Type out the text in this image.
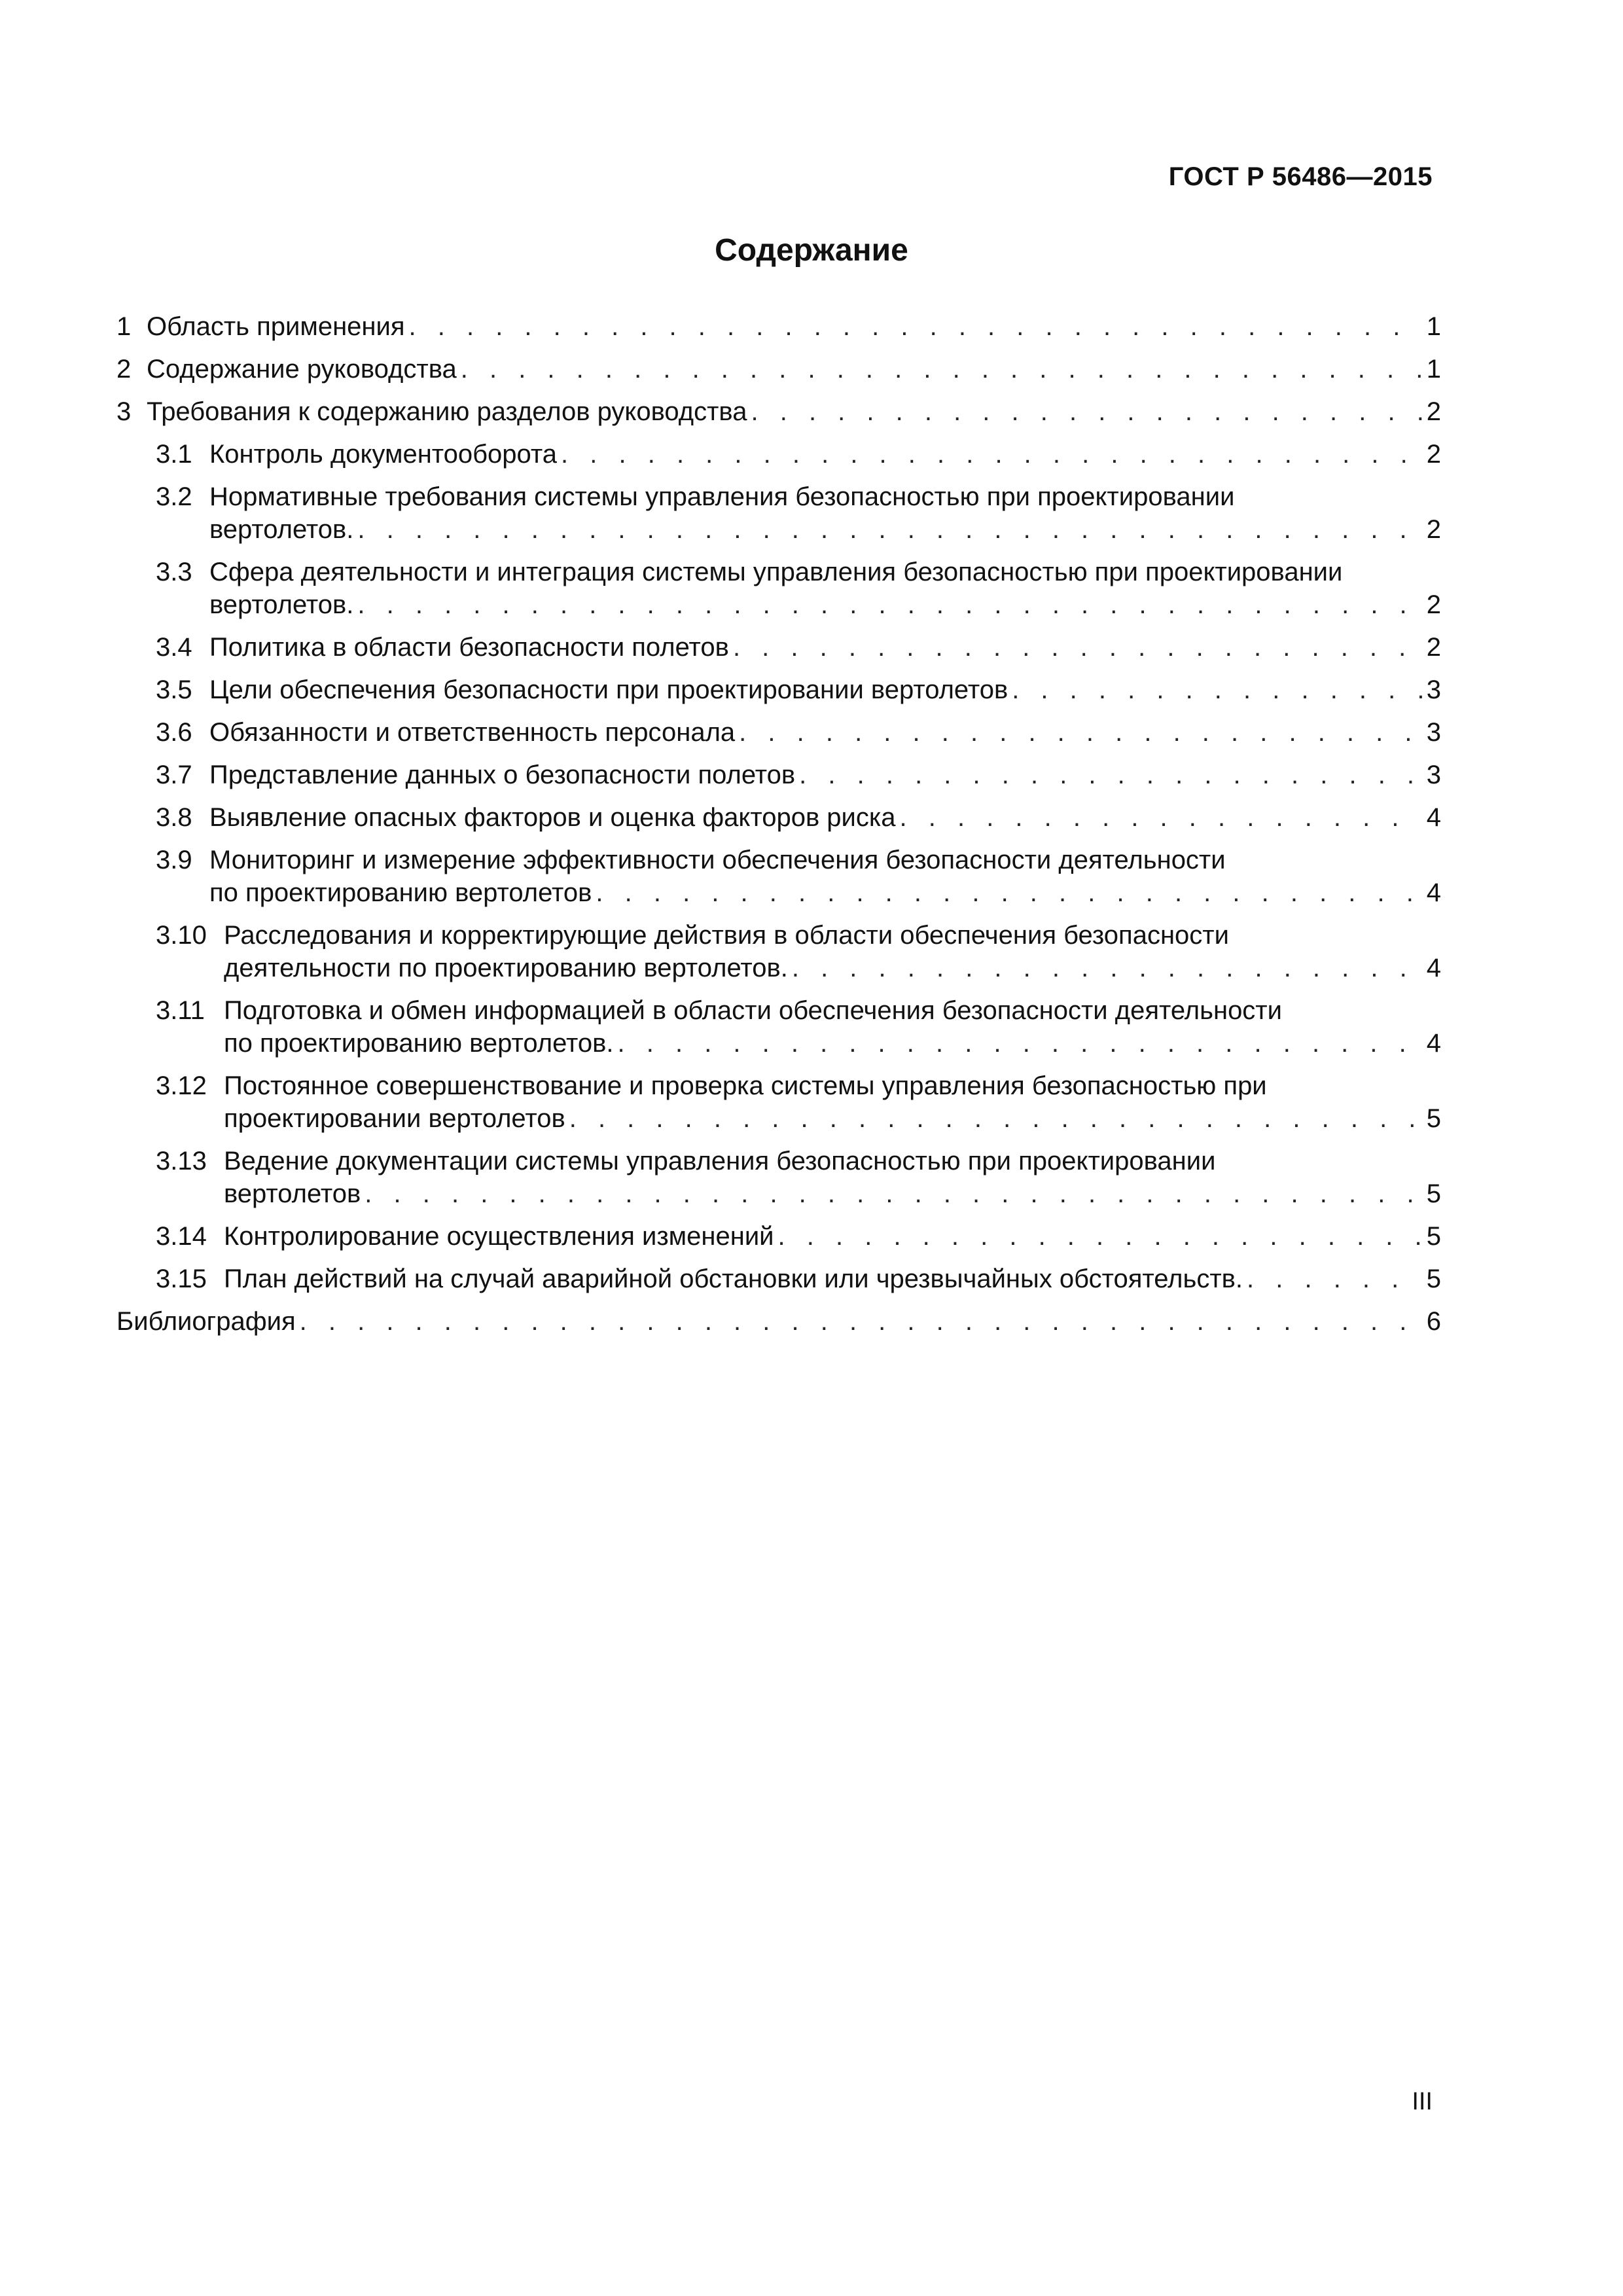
ГОСТ Р 56486—2015
Содержание
1 Область применения . . .	1
2 Содержание руководства . . .	1
3 Требования к содержанию разделов руководства . . .	2
3.1 Контроль документооборота . . .	2
3.2 Нормативные требования системы управления безопасностью при проектировании
вертолетов. . . .	2
3.3 Сфера деятельности и интеграция системы управления безопасностью при проектировании
вертолетов. . . .	2
3.4 Политика в области безопасности полетов . . .	2
3.5 Цели обеспечения безопасности при проектировании вертолетов . . .	3
3.6 Обязанности и ответственность персонала . . .	3
3.7 Представление данных о безопасности полетов . . .	3
3.8 Выявление опасных факторов и оценка факторов риска . . .	4
3.9 Мониторинг и измерение эффективности обеспечения безопасности деятельности
по проектированию вертолетов . . .	4
3.10 Расследования и корректирующие действия в области обеспечения безопасности
деятельности по проектированию вертолетов. . . .	4
3.11 Подготовка и обмен информацией в области обеспечения безопасности деятельности
по проектированию вертолетов. . . .	4
3.12 Постоянное совершенствование и проверка системы управления безопасностью при
проектировании вертолетов . . .	5
3.13 Ведение документации системы управления безопасностью при проектировании
вертолетов . . .	5
3.14 Контролирование осуществления изменений . . .	5
3.15 План действий на случай аварийной обстановки или чрезвычайных обстоятельств. . . .	5
Библиография . . .	6
III
